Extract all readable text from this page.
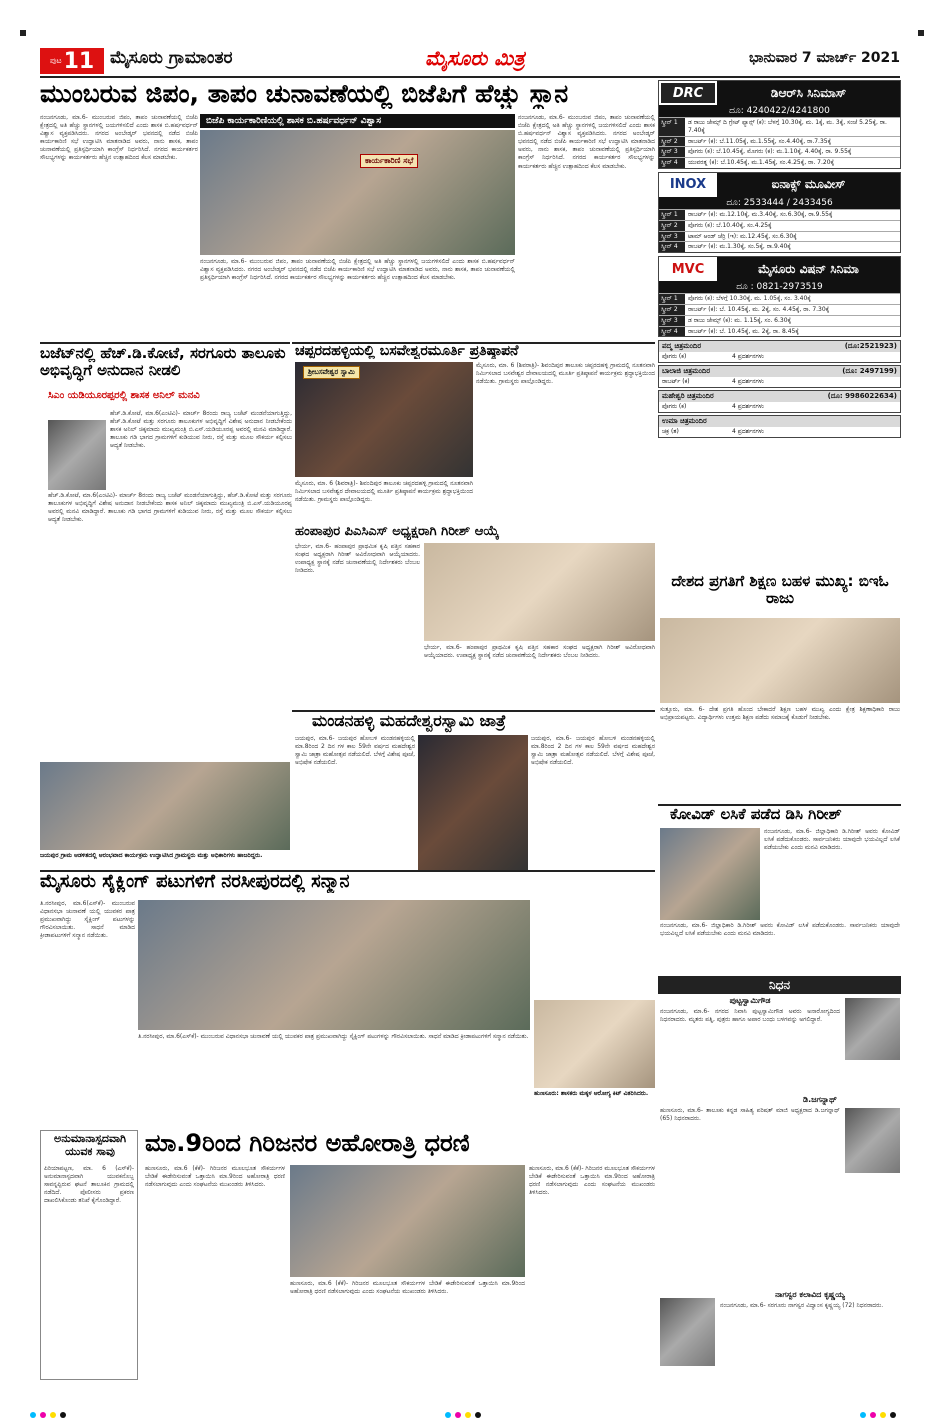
ಪುಟ 11 ಮೈಸೂರು ಗ್ರಾಮಾಂತರ	ಮೈಸೂರು ಮಿತ್ರ	ಭಾನುವಾರ 7 ಮಾರ್ಚ್ 2021
ಮುಂಬರುವ ಜಿಪಂ, ತಾಪಂ ಚುನಾವಣೆಯಲ್ಲಿ ಬಿಜೆಪಿಗೆ ಹೆಚ್ಚು ಸ್ಥಾನ
ನಂಜನಗೂಡು, ಮಾ.6- ಮುಂಬರುವ ಜಿಪಂ, ತಾಪಂ ಚುನಾವಣೆಯಲ್ಲಿ ಬಿಜೆಪಿ ಕ್ಷೇತ್ರದಲ್ಲಿ ಅತಿ ಹೆಚ್ಚು ಸ್ಥಾನಗಳಲ್ಲಿ ಜಯಗಳಿಸಲಿದೆ ಎಂದು ಶಾಸಕ ಬಿ.ಹರ್ಷವರ್ಧನ್ ವಿಶ್ವಾಸ ವ್ಯಕ್ತಪಡಿಸಿದರು. ನಗರದ ಅಂಬೇಡ್ಕರ್ ಭವನದಲ್ಲಿ ನಡೆದ ಬಿಜೆಪಿ ಕಾರ್ಯಕಾರಿಣಿ ಸಭೆ ಉದ್ಘಾಟಿಸಿ ಮಾತನಾಡಿದ ಅವರು, ನಾನು ಶಾಸಕ, ತಾಪಂ ಚುನಾವಣೆಯಲ್ಲಿ ಪ್ರತಿಸ್ಪರ್ಧಿಯಾಗಿ ಕಾಂಗ್ರೆಸ್ ನಿರ್ಧರಿಸಿದೆ. ನಗರದ ಕಾರ್ಯಕರ್ತರ ಸೌಲಭ್ಯಗಳನ್ನು ಕಾರ್ಯಕರ್ತರು ಹೆಚ್ಚಿನ ಉತ್ಸಾಹದಿಂದ ಕೆಲಸ ಮಾಡಬೇಕು.
ಬಿಜೆಪಿ ಕಾರ್ಯಕಾರಿಣಿಯಲ್ಲಿ ಶಾಸಕ ಬಿ.ಹರ್ಷವರ್ಧನ್ ವಿಶ್ವಾಸ
ಕಾರ್ಯಕಾರಿಣಿ ಸಭೆ
ನಂಜನಗೂಡು, ಮಾ.6- ಮುಂಬರುವ ಜಿಪಂ, ತಾಪಂ ಚುನಾವಣೆಯಲ್ಲಿ ಬಿಜೆಪಿ ಕ್ಷೇತ್ರದಲ್ಲಿ ಅತಿ ಹೆಚ್ಚು ಸ್ಥಾನಗಳಲ್ಲಿ ಜಯಗಳಿಸಲಿದೆ ಎಂದು ಶಾಸಕ ಬಿ.ಹರ್ಷವರ್ಧನ್ ವಿಶ್ವಾಸ ವ್ಯಕ್ತಪಡಿಸಿದರು. ನಗರದ ಅಂಬೇಡ್ಕರ್ ಭವನದಲ್ಲಿ ನಡೆದ ಬಿಜೆಪಿ ಕಾರ್ಯಕಾರಿಣಿ ಸಭೆ ಉದ್ಘಾಟಿಸಿ ಮಾತನಾಡಿದ ಅವರು, ನಾನು ಶಾಸಕ, ತಾಪಂ ಚುನಾವಣೆಯಲ್ಲಿ ಪ್ರತಿಸ್ಪರ್ಧಿಯಾಗಿ ಕಾಂಗ್ರೆಸ್ ನಿರ್ಧರಿಸಿದೆ. ನಗರದ ಕಾರ್ಯಕರ್ತರ ಸೌಲಭ್ಯಗಳನ್ನು ಕಾರ್ಯಕರ್ತರು ಹೆಚ್ಚಿನ ಉತ್ಸಾಹದಿಂದ ಕೆಲಸ ಮಾಡಬೇಕು.
ನಂಜನಗೂಡು, ಮಾ.6- ಮುಂಬರುವ ಜಿಪಂ, ತಾಪಂ ಚುನಾವಣೆಯಲ್ಲಿ ಬಿಜೆಪಿ ಕ್ಷೇತ್ರದಲ್ಲಿ ಅತಿ ಹೆಚ್ಚು ಸ್ಥಾನಗಳಲ್ಲಿ ಜಯಗಳಿಸಲಿದೆ ಎಂದು ಶಾಸಕ ಬಿ.ಹರ್ಷವರ್ಧನ್ ವಿಶ್ವಾಸ ವ್ಯಕ್ತಪಡಿಸಿದರು. ನಗರದ ಅಂಬೇಡ್ಕರ್ ಭವನದಲ್ಲಿ ನಡೆದ ಬಿಜೆಪಿ ಕಾರ್ಯಕಾರಿಣಿ ಸಭೆ ಉದ್ಘಾಟಿಸಿ ಮಾತನಾಡಿದ ಅವರು, ನಾನು ಶಾಸಕ, ತಾಪಂ ಚುನಾವಣೆಯಲ್ಲಿ ಪ್ರತಿಸ್ಪರ್ಧಿಯಾಗಿ ಕಾಂಗ್ರೆಸ್ ನಿರ್ಧರಿಸಿದೆ. ನಗರದ ಕಾರ್ಯಕರ್ತರ ಸೌಲಭ್ಯಗಳನ್ನು ಕಾರ್ಯಕರ್ತರು ಹೆಚ್ಚಿನ ಉತ್ಸಾಹದಿಂದ ಕೆಲಸ ಮಾಡಬೇಕು.
ಬಜೆಟ್‌ನಲ್ಲಿ ಹೆಚ್.ಡಿ.ಕೋಟೆ, ಸರಗೂರು ತಾಲೂಕು ಅಭಿವೃದ್ಧಿಗೆ ಅನುದಾನ ನೀಡಲಿ
ಸಿಎಂ ಯಡಿಯೂರಪ್ಪರಲ್ಲಿ ಶಾಸಕ ಅನಿಲ್ ಮನವಿ
ಹೆಚ್.ಡಿ.ಕೋಟೆ, ಮಾ.6(ಎಂಟಿವಿ)- ಮಾರ್ಚ್ 8ರಂದು ರಾಜ್ಯ ಬಜೆಟ್ ಮಂಡನೆಯಾಗುತ್ತಿದ್ದು, ಹೆಚ್.ಡಿ.ಕೋಟೆ ಮತ್ತು ಸರಗೂರು ತಾಲೂಕುಗಳ ಅಭಿವೃದ್ಧಿಗೆ ವಿಶೇಷ ಅನುದಾನ ನೀಡಬೇಕೆಂದು ಶಾಸಕ ಅನಿಲ್ ಚಿಕ್ಕಮಾದು ಮುಖ್ಯಮಂತ್ರಿ ಬಿ.ಎಸ್.ಯಡಿಯೂರಪ್ಪ ಅವರಲ್ಲಿ ಮನವಿ ಮಾಡಿದ್ದಾರೆ. ತಾಲೂಕು ಗಡಿ ಭಾಗದ ಗ್ರಾಮಗಳಿಗೆ ಕುಡಿಯುವ ನೀರು, ರಸ್ತೆ ಮತ್ತು ಮೂಲ ಸೌಕರ್ಯ ಕಲ್ಪಿಸಲು ಆದ್ಯತೆ ನೀಡಬೇಕು.
ಹೆಚ್.ಡಿ.ಕೋಟೆ, ಮಾ.6(ಎಂಟಿವಿ)- ಮಾರ್ಚ್ 8ರಂದು ರಾಜ್ಯ ಬಜೆಟ್ ಮಂಡನೆಯಾಗುತ್ತಿದ್ದು, ಹೆಚ್.ಡಿ.ಕೋಟೆ ಮತ್ತು ಸರಗೂರು ತಾಲೂಕುಗಳ ಅಭಿವೃದ್ಧಿಗೆ ವಿಶೇಷ ಅನುದಾನ ನೀಡಬೇಕೆಂದು ಶಾಸಕ ಅನಿಲ್ ಚಿಕ್ಕಮಾದು ಮುಖ್ಯಮಂತ್ರಿ ಬಿ.ಎಸ್.ಯಡಿಯೂರಪ್ಪ ಅವರಲ್ಲಿ ಮನವಿ ಮಾಡಿದ್ದಾರೆ. ತಾಲೂಕು ಗಡಿ ಭಾಗದ ಗ್ರಾಮಗಳಿಗೆ ಕುಡಿಯುವ ನೀರು, ರಸ್ತೆ ಮತ್ತು ಮೂಲ ಸೌಕರ್ಯ ಕಲ್ಪಿಸಲು ಆದ್ಯತೆ ನೀಡಬೇಕು.
ಜಯಪುರ ಗ್ರಾಮ ಆಡಳಿತದಲ್ಲಿ ಆರಂಭವಾದ ಕಾರ್ಯಕ್ರಮ ಉದ್ಘಾಟಿಸಿದ ಗ್ರಾಮಸ್ಥರು ಮತ್ತು ಅಧಿಕಾರಿಗಳು ಹಾಜರಿದ್ದರು.
ಚಪ್ಪರದಹಳ್ಳಿಯಲ್ಲಿ ಬಸವೇಶ್ವರಮೂರ್ತಿ ಪ್ರತಿಷ್ಠಾಪನೆ
ಶ್ರೀಬಸವೇಶ್ವರ ಸ್ವಾಮಿ
ಮೈಸೂರು, ಮಾ. 6 (ಶಿವರಾತ್ರಿ)- ಶಿವಂದಿಪುರ ತಾಲೂಕು ಚಪ್ಪರದಹಳ್ಳಿ ಗ್ರಾಮದಲ್ಲಿ ನೂತನವಾಗಿ ನಿರ್ಮಿಸಲಾದ ಬಸವೇಶ್ವರ ದೇವಾಲಯದಲ್ಲಿ ಮೂರ್ತಿ ಪ್ರತಿಷ್ಠಾಪನೆ ಕಾರ್ಯಕ್ರಮ ಶ್ರದ್ಧಾಭಕ್ತಿಯಿಂದ ನಡೆಯಿತು. ಗ್ರಾಮಸ್ಥರು ಪಾಲ್ಗೊಂಡಿದ್ದರು.
ಮೈಸೂರು, ಮಾ. 6 (ಶಿವರಾತ್ರಿ)- ಶಿವಂದಿಪುರ ತಾಲೂಕು ಚಪ್ಪರದಹಳ್ಳಿ ಗ್ರಾಮದಲ್ಲಿ ನೂತನವಾಗಿ ನಿರ್ಮಿಸಲಾದ ಬಸವೇಶ್ವರ ದೇವಾಲಯದಲ್ಲಿ ಮೂರ್ತಿ ಪ್ರತಿಷ್ಠಾಪನೆ ಕಾರ್ಯಕ್ರಮ ಶ್ರದ್ಧಾಭಕ್ತಿಯಿಂದ ನಡೆಯಿತು. ಗ್ರಾಮಸ್ಥರು ಪಾಲ್ಗೊಂಡಿದ್ದರು.
ಹಂಪಾಪುರ ಪಿಎಸಿಎಸ್ ಅಧ್ಯಕ್ಷರಾಗಿ ಗಿರೀಶ್ ಆಯ್ಕೆ
ಭೇರ್ಯ, ಮಾ.6- ಹಂಪಾಪುರ ಪ್ರಾಥಮಿಕ ಕೃಷಿ ಪತ್ತಿನ ಸಹಕಾರ ಸಂಘದ ಅಧ್ಯಕ್ಷರಾಗಿ ಗಿರೀಶ್ ಅವಿರೋಧವಾಗಿ ಆಯ್ಕೆಯಾದರು. ಉಪಾಧ್ಯಕ್ಷ ಸ್ಥಾನಕ್ಕೆ ನಡೆದ ಚುನಾವಣೆಯಲ್ಲಿ ನಿರ್ದೇಶಕರು ಬೆಂಬಲ ನೀಡಿದರು.
ಭೇರ್ಯ, ಮಾ.6- ಹಂಪಾಪುರ ಪ್ರಾಥಮಿಕ ಕೃಷಿ ಪತ್ತಿನ ಸಹಕಾರ ಸಂಘದ ಅಧ್ಯಕ್ಷರಾಗಿ ಗಿರೀಶ್ ಅವಿರೋಧವಾಗಿ ಆಯ್ಕೆಯಾದರು. ಉಪಾಧ್ಯಕ್ಷ ಸ್ಥಾನಕ್ಕೆ ನಡೆದ ಚುನಾವಣೆಯಲ್ಲಿ ನಿರ್ದೇಶಕರು ಬೆಂಬಲ ನೀಡಿದರು.
ಮಂಡನಹಳ್ಳಿ ಮಹದೇಶ್ವರಸ್ವಾಮಿ ಜಾತ್ರೆ
ಜಯಪುರ, ಮಾ.6- ಜಯಪುರ ಹೋಬಳಿ ಮಂಡನಹಳ್ಳಿಯಲ್ಲಿ ಮಾ.8ರಿಂದ 2 ದಿನ ಗಳ ಕಾಲ 59ನೇ ವರ್ಷದ ಮಹದೇಶ್ವರ ಸ್ವಾಮಿ ಜಾತ್ರಾ ಮಹೋತ್ಸವ ನಡೆಯಲಿದೆ. ಬೆಳಗ್ಗೆ ವಿಶೇಷ ಪೂಜೆ, ಅಭಿಷೇಕ ನಡೆಯಲಿದೆ.
ಜಯಪುರ, ಮಾ.6- ಜಯಪುರ ಹೋಬಳಿ ಮಂಡನಹಳ್ಳಿಯಲ್ಲಿ ಮಾ.8ರಿಂದ 2 ದಿನ ಗಳ ಕಾಲ 59ನೇ ವರ್ಷದ ಮಹದೇಶ್ವರ ಸ್ವಾಮಿ ಜಾತ್ರಾ ಮಹೋತ್ಸವ ನಡೆಯಲಿದೆ. ಬೆಳಗ್ಗೆ ವಿಶೇಷ ಪೂಜೆ, ಅಭಿಷೇಕ ನಡೆಯಲಿದೆ.
ಮೈಸೂರು ಸೈಕ್ಲಿಂಗ್ ಪಟುಗಳಿಗೆ ನರಸೀಪುರದಲ್ಲಿ ಸನ್ಮಾನ
ತಿ.ನರಸೀಪುರ, ಮಾ.6(ಎಸ್‌ಕೆ)- ಮುಂಬರುವ ವಿಧಾನಸಭಾ ಚುನಾವಣೆ ಯಲ್ಲಿ ಯುವಕರ ಪಾತ್ರ ಪ್ರಮುಖವಾಗಿದ್ದು ಸೈಕ್ಲಿಂಗ್ ಪಟುಗಳನ್ನು ಗೌರವಿಸಲಾಯಿತು. ಸಾಧನೆ ಮಾಡಿದ ಕ್ರೀಡಾಪಟುಗಳಿಗೆ ಸನ್ಮಾನ ನಡೆಯಿತು.
ತಿ.ನರಸೀಪುರ, ಮಾ.6(ಎಸ್‌ಕೆ)- ಮುಂಬರುವ ವಿಧಾನಸಭಾ ಚುನಾವಣೆ ಯಲ್ಲಿ ಯುವಕರ ಪಾತ್ರ ಪ್ರಮುಖವಾಗಿದ್ದು ಸೈಕ್ಲಿಂಗ್ ಪಟುಗಳನ್ನು ಗೌರವಿಸಲಾಯಿತು. ಸಾಧನೆ ಮಾಡಿದ ಕ್ರೀಡಾಪಟುಗಳಿಗೆ ಸನ್ಮಾನ ನಡೆಯಿತು.
ಹುಣಸೂರು: ಶಾಸಕರು ಮಕ್ಕಳ ಆರೋಗ್ಯ ಕಿಟ್ ವಿತರಿಸಿದರು.
ಅನುಮಾನಾಸ್ಪದವಾಗಿ ಯುವಕ ಸಾವು
ಪಿರಿಯಾಪಟ್ಟಣ, ಮಾ. 6 (ಎಸ್‌ಕೆ)- ಅನುಮಾನಾಸ್ಪದವಾಗಿ ಯುವಕನೊಬ್ಬ ಸಾವನ್ನಪ್ಪಿರುವ ಘಟನೆ ತಾಲೂಕಿನ ಗ್ರಾಮದಲ್ಲಿ ನಡೆದಿದೆ. ಪೊಲೀಸರು ಪ್ರಕರಣ ದಾಖಲಿಸಿಕೊಂಡು ತನಿಖೆ ಕೈಗೊಂಡಿದ್ದಾರೆ.
ಮಾ.9ರಿಂದ ಗಿರಿಜನರ ಅಹೋರಾತ್ರಿ ಧರಣಿ
ಹುಣಸೂರು, ಮಾ.6 (ಕೆಕೆ)- ಗಿರಿಜನರ ಮೂಲಭೂತ ಸೌಕರ್ಯಗಳ ಬೇಡಿಕೆ ಈಡೇರಿಸುವಂತೆ ಒತ್ತಾಯಿಸಿ ಮಾ.9ರಿಂದ ಅಹೋರಾತ್ರಿ ಧರಣಿ ನಡೆಸಲಾಗುವುದು ಎಂದು ಸಂಘಟನೆಯ ಮುಖಂಡರು ತಿಳಿಸಿದರು.
ಹುಣಸೂರು, ಮಾ.6 (ಕೆಕೆ)- ಗಿರಿಜನರ ಮೂಲಭೂತ ಸೌಕರ್ಯಗಳ ಬೇಡಿಕೆ ಈಡೇರಿಸುವಂತೆ ಒತ್ತಾಯಿಸಿ ಮಾ.9ರಿಂದ ಅಹೋರಾತ್ರಿ ಧರಣಿ ನಡೆಸಲಾಗುವುದು ಎಂದು ಸಂಘಟನೆಯ ಮುಖಂಡರು ತಿಳಿಸಿದರು.
ಹುಣಸೂರು, ಮಾ.6 (ಕೆಕೆ)- ಗಿರಿಜನರ ಮೂಲಭೂತ ಸೌಕರ್ಯಗಳ ಬೇಡಿಕೆ ಈಡೇರಿಸುವಂತೆ ಒತ್ತಾಯಿಸಿ ಮಾ.9ರಿಂದ ಅಹೋರಾತ್ರಿ ಧರಣಿ ನಡೆಸಲಾಗುವುದು ಎಂದು ಸಂಘಟನೆಯ ಮುಖಂಡರು ತಿಳಿಸಿದರು.
DRC	ಡಿಆರ್‌ಸಿ ಸಿನಿಮಾಸ್
ದೂ: 4240422/4241800
ಸ್ಕ್ರೀನ್ 1	ಡ ರಾಜು ಜೇಮ್ಸ್ ದಿ ಗ್ರೇಟ್ ಫ್ಯಾನ್ಸ್ (ಕ): ಬೆಳಗ್ಗೆ 10.30ಕ್ಕೆ, ಮ. 1ಕ್ಕೆ, ಮ. 3ಕ್ಕೆ, ಸಂಜೆ 5.25ಕ್ಕೆ, ರಾ. 7.40ಕ್ಕೆ
ಸ್ಕ್ರೀನ್ 2	ರಾಬರ್ಟ್ (ಕ): ಬೆ.11.05ಕ್ಕೆ, ಮ.1.55ಕ್ಕೆ, ಸಂ.4.40ಕ್ಕೆ, ರಾ.7.35ಕ್ಕೆ
ಸ್ಕ್ರೀನ್ 3	ಪೊಗರು (ಕ): ಬೆ.10.45ಕ್ಕೆ, ಮೊಗರು (ಕ): ಮ.1.10ಕ್ಕೆ, 4.40ಕ್ಕೆ, ರಾ. 9.55ಕ್ಕೆ
ಸ್ಕ್ರೀನ್ 4	ಯುವರತ್ನ (ಕ): ಬೆ.10.45ಕ್ಕೆ, ಮ.1.45ಕ್ಕೆ, ಸಂ.4.25ಕ್ಕೆ, ರಾ. 7.20ಕ್ಕೆ
INOX	ಐನಾಕ್ಸ್ ಮೂವೀಸ್
ದೂ: 2533444 / 2433456
ಸ್ಕ್ರೀನ್ 1	ರಾಬರ್ಟ್ (ಕ): ಮ.12.10ಕ್ಕೆ, ಮ.3.40ಕ್ಕೆ, ಸಂ.6.30ಕ್ಕೆ, ರಾ.9.55ಕ್ಕೆ
ಸ್ಕ್ರೀನ್ 2	ಪೊಗರು (ಕ): ಬೆ.10.40ಕ್ಕೆ, ಸಂ.4.25ಕ್ಕೆ
ಸ್ಕ್ರೀನ್ 3	ಟಾಮ್ ಆಂಡ್ ಜೆರ್ರಿ (ಇ): ಮ.12.45ಕ್ಕೆ, ಸಂ.6.30ಕ್ಕೆ
ಸ್ಕ್ರೀನ್ 4	ರಾಬರ್ಟ್ (ಕ): ಮ.1.30ಕ್ಕೆ, ಸಂ.5ಕ್ಕೆ, ರಾ.9.40ಕ್ಕೆ
MVC	ಮೈಸೂರು ವಿಷನ್ ಸಿನಿಮಾ
ದೂ : 0821-2973519
ಸ್ಕ್ರೀನ್ 1	ಪೊಗರು (ಕ): ಬೆಳಗ್ಗೆ 10.30ಕ್ಕೆ, ಮ. 1.05ಕ್ಕೆ, ಸಂ. 3.40ಕ್ಕೆ
ಸ್ಕ್ರೀನ್ 2	ರಾಬರ್ಟ್ (ಕ): ಬೆ. 10.45ಕ್ಕೆ, ಮ. 2ಕ್ಕೆ, ಸಂ. 4.45ಕ್ಕೆ, ರಾ. 7.30ಕ್ಕೆ
ಸ್ಕ್ರೀನ್ 3	ಡ ರಾಜು ಜೇಮ್ಸ್ (ಕ): ಮ. 1.15ಕ್ಕೆ, ಸಂ. 6.30ಕ್ಕೆ
ಸ್ಕ್ರೀನ್ 4	ರಾಬರ್ಟ್ (ಕ): ಬೆ. 10.45ಕ್ಕೆ, ಮ. 2ಕ್ಕೆ, ರಾ. 8.45ಕ್ಕೆ
ಪದ್ಮ ಚಿತ್ರಮಂದಿರ	(ದೂ:2521923)
ಪೊಗರು (ಕ)	4 ಪ್ರದರ್ಶನಗಳು
ಬಾಲಾಜಿ ಚಿತ್ರಮಂದಿರ	(ದೂ: 2497199)
ರಾಬರ್ಟ್ (ಕ)	4 ಪ್ರದರ್ಶನಗಳು
ಮಹೇಶ್ವರಿ ಚಿತ್ರಮಂದಿರ	(ದೂ: 9986022634)
ಪೊಗರು (ಕ)	4 ಪ್ರದರ್ಶನಗಳು
ಉಮಾ ಚಿತ್ರಮಂದಿರ
ಚಕ್ರ (ತ)	4 ಪ್ರದರ್ಶನಗಳು
ದೇಶದ ಪ್ರಗತಿಗೆ ಶಿಕ್ಷಣ ಬಹಳ ಮುಖ್ಯ: ಬಿಇಓ ರಾಜು
ಸುತ್ತೂರು, ಮಾ. 6- ದೇಶ ಪ್ರಗತಿ ಹೊಂದ ಬೇಕಾದರೆ ಶಿಕ್ಷಣ ಬಹಳ ಮುಖ್ಯ ಎಂದು ಕ್ಷೇತ್ರ ಶಿಕ್ಷಣಾಧಿಕಾರಿ ರಾಜು ಅಭಿಪ್ರಾಯಪಟ್ಟರು. ವಿದ್ಯಾರ್ಥಿಗಳು ಉತ್ತಮ ಶಿಕ್ಷಣ ಪಡೆದು ಸಮಾಜಕ್ಕೆ ಕೊಡುಗೆ ನೀಡಬೇಕು.
ಕೋವಿಡ್ ಲಸಿಕೆ ಪಡೆದ ಡಿಸಿ ಗಿರೀಶ್
ನಂಜನಗೂಡು, ಮಾ.6- ಜಿಲ್ಲಾಧಿಕಾರಿ ಡಿ.ಗಿರೀಶ್ ಅವರು ಕೋವಿಡ್ ಲಸಿಕೆ ಪಡೆದುಕೊಂಡರು. ಸಾರ್ವಜನಿಕರು ಯಾವುದೇ ಭಯವಿಲ್ಲದೆ ಲಸಿಕೆ ಪಡೆಯಬೇಕು ಎಂದು ಮನವಿ ಮಾಡಿದರು.
ನಂಜನಗೂಡು, ಮಾ.6- ಜಿಲ್ಲಾಧಿಕಾರಿ ಡಿ.ಗಿರೀಶ್ ಅವರು ಕೋವಿಡ್ ಲಸಿಕೆ ಪಡೆದುಕೊಂಡರು. ಸಾರ್ವಜನಿಕರು ಯಾವುದೇ ಭಯವಿಲ್ಲದೆ ಲಸಿಕೆ ಪಡೆಯಬೇಕು ಎಂದು ಮನವಿ ಮಾಡಿದರು.
ನಿಧನ
ಪುಟ್ಟಸ್ವಾಮಿಗೌಡ
ನಂಜನಗೂಡು, ಮಾ.6- ನಗರದ ನಿವಾಸಿ ಪುಟ್ಟಸ್ವಾಮಿಗೌಡ ಅವರು ಅನಾರೋಗ್ಯದಿಂದ ನಿಧನರಾದರು. ಮೃತರು ಪತ್ನಿ, ಪುತ್ರರು ಹಾಗೂ ಅಪಾರ ಬಂಧು ಬಳಗವನ್ನು ಅಗಲಿದ್ದಾರೆ.
ಡಿ.ಜಗನ್ನಾಥ್
ಹುಣಸೂರು, ಮಾ.6- ತಾಲೂಕು ಕನ್ನಡ ಸಾಹಿತ್ಯ ಪರಿಷತ್ ಮಾಜಿ ಅಧ್ಯಕ್ಷರಾದ ಡಿ.ಜಗನ್ನಾಥ್ (65) ನಿಧನರಾದರು.
ನಾಗಸ್ವರ ಕಲಾವಿದ ಕೃಷ್ಣಯ್ಯ
ನಂಜನಗೂಡು, ಮಾ.6- ಸರಗೂರು ನಾಗಸ್ವರ ವಿದ್ವಾಂಸ ಕೃಷ್ಣಯ್ಯ (72) ನಿಧನರಾದರು.
